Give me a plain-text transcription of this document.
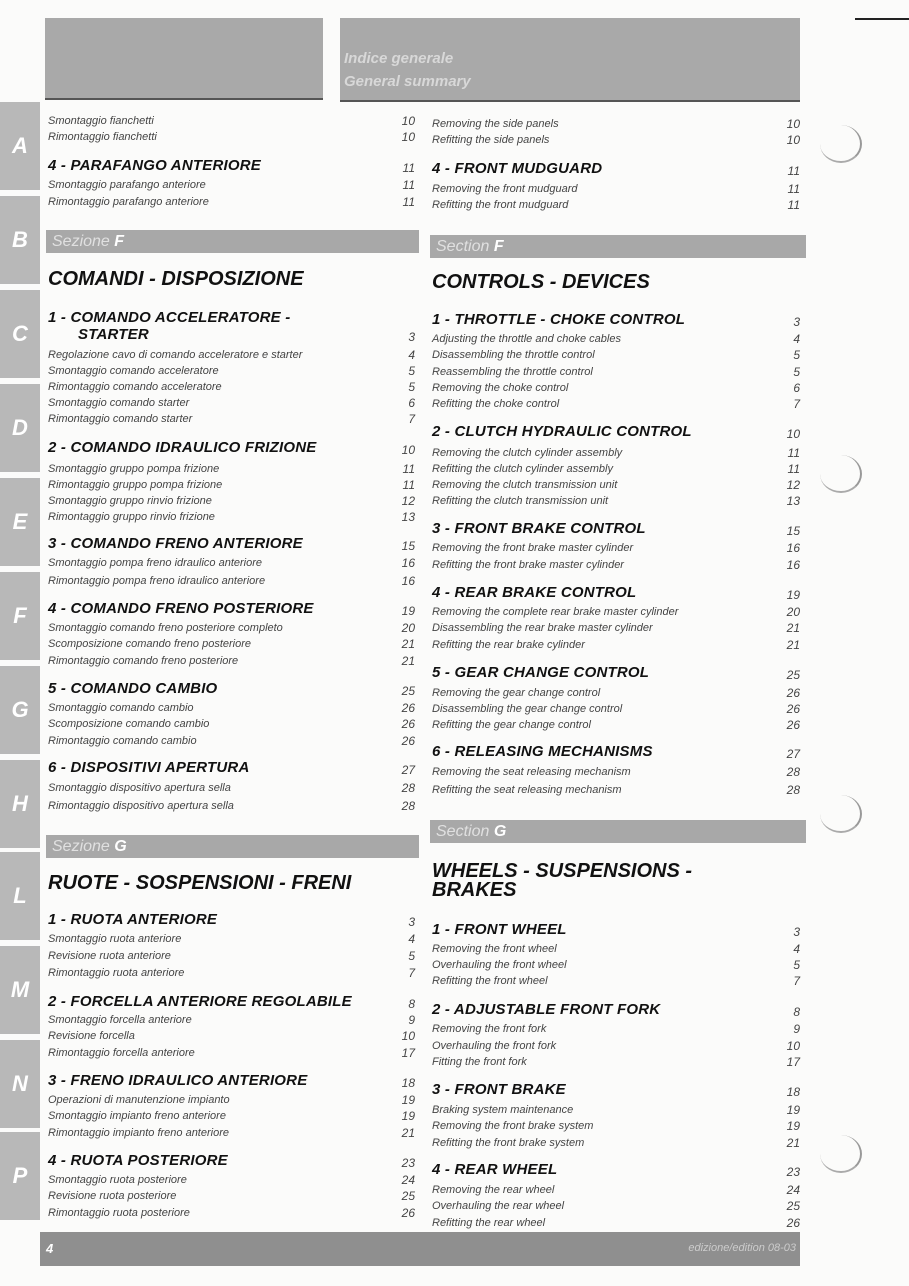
Indice generale
General summary
A
B
C
D
E
F
G
H
L
M
N
P
Smontaggio fianchetti	10
Rimontaggio fianchetti	10
4 - PARAFANGO ANTERIORE	11
Smontaggio parafango anteriore	11
Rimontaggio parafango anteriore	11
Sezione F
COMANDI - DISPOSIZIONE
1 - COMANDO ACCELERATORE -
STARTER	3
Regolazione cavo di comando acceleratore e starter	4
Smontaggio comando acceleratore	5
Rimontaggio comando acceleratore	5
Smontaggio comando starter	6
Rimontaggio comando starter	7
2 - COMANDO IDRAULICO FRIZIONE	10
Smontaggio gruppo pompa frizione	11
Rimontaggio gruppo pompa frizione	11
Smontaggio gruppo rinvio frizione	12
Rimontaggio gruppo rinvio frizione	13
3 - COMANDO FRENO ANTERIORE	15
Smontaggio pompa freno idraulico anteriore	16
Rimontaggio pompa freno idraulico anteriore	16
4 - COMANDO FRENO POSTERIORE	19
Smontaggio comando freno posteriore completo	20
Scomposizione comando freno posteriore	21
Rimontaggio comando freno posteriore	21
5 - COMANDO CAMBIO	25
Smontaggio comando cambio	26
Scomposizione comando cambio	26
Rimontaggio comando cambio	26
6 - DISPOSITIVI APERTURA	27
Smontaggio dispositivo apertura sella	28
Rimontaggio dispositivo apertura sella	28
Sezione G
RUOTE - SOSPENSIONI - FRENI
1 - RUOTA ANTERIORE	3
Smontaggio ruota anteriore	4
Revisione ruota anteriore	5
Rimontaggio ruota anteriore	7
2 - FORCELLA ANTERIORE REGOLABILE	8
Smontaggio forcella anteriore	9
Revisione forcella	10
Rimontaggio forcella anteriore	17
3 - FRENO IDRAULICO ANTERIORE	18
Operazioni di manutenzione impianto	19
Smontaggio impianto freno anteriore	19
Rimontaggio impianto freno anteriore	21
4 - RUOTA POSTERIORE	23
Smontaggio ruota posteriore	24
Revisione ruota posteriore	25
Rimontaggio ruota posteriore	26
Removing the side panels	10
Refitting the side panels	10
4 - FRONT MUDGUARD	11
Removing the front mudguard	11
Refitting the front mudguard	11
Section F
CONTROLS - DEVICES
1 - THROTTLE - CHOKE CONTROL	3
Adjusting the throttle and choke cables	4
Disassembling the throttle control	5
Reassembling the throttle control	5
Removing the choke control	6
Refitting the choke control	7
2 - CLUTCH HYDRAULIC CONTROL	10
Removing the clutch cylinder assembly	11
Refitting the clutch cylinder assembly	11
Removing the clutch transmission unit	12
Refitting the clutch transmission unit	13
3 - FRONT BRAKE CONTROL	15
Removing the front brake master cylinder	16
Refitting the front brake master cylinder	16
4 - REAR BRAKE CONTROL	19
Removing the complete rear brake master cylinder	20
Disassembling the rear brake master cylinder	21
Refitting the rear brake cylinder	21
5 - GEAR CHANGE CONTROL	25
Removing the gear change control	26
Disassembling the gear change control	26
Refitting the gear change control	26
6 - RELEASING MECHANISMS	27
Removing the seat releasing mechanism	28
Refitting the seat releasing mechanism	28
Section G
WHEELS - SUSPENSIONS -
BRAKES
1 - FRONT WHEEL	3
Removing the front wheel	4
Overhauling the front wheel	5
Refitting the front wheel	7
2 - ADJUSTABLE FRONT FORK	8
Removing the front fork	9
Overhauling the front fork	10
Fitting the front fork	17
3 - FRONT BRAKE	18
Braking system maintenance	19
Removing the front brake system	19
Refitting the front brake system	21
4 - REAR WHEEL	23
Removing the rear wheel	24
Overhauling the rear wheel	25
Refitting the rear wheel	26
4	edizione/edition 08-03
